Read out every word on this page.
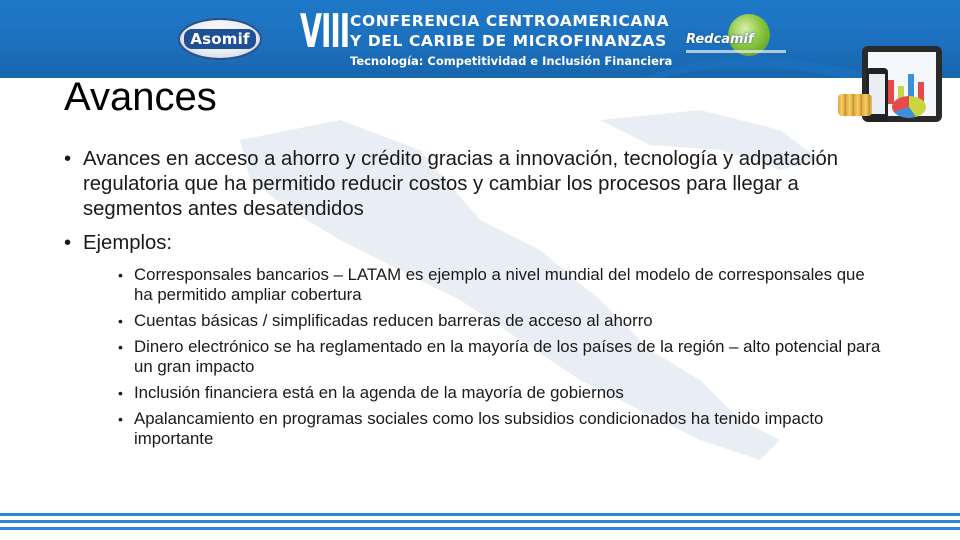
Asomif VIII CONFERENCIA CENTROAMERICANA
Y DEL CARIBE DE MICROFINANZAS
Tecnología: Competitividad e Inclusión Financiera
Redcamif
Avances

• Avances en acceso a ahorro y crédito gracias a innovación, tecnología y adpatación regulatoria que ha permitido reducir costos y cambiar los procesos para llegar a segmentos antes desatendidos

• Ejemplos:

• Corresponsales bancarios – LATAM es ejemplo a nivel mundial del modelo de corresponsales que ha permitido ampliar cobertura

• Cuentas básicas / simplificadas reducen barreras de acceso al ahorro

• Dinero electrónico se ha reglamentado en la mayoría de los países de la región – alto potencial para un gran impacto

• Inclusión financiera está en la agenda de la mayoría de gobiernos

• Apalancamiento en programas sociales como los subsidios condicionados ha tenido impacto importante
